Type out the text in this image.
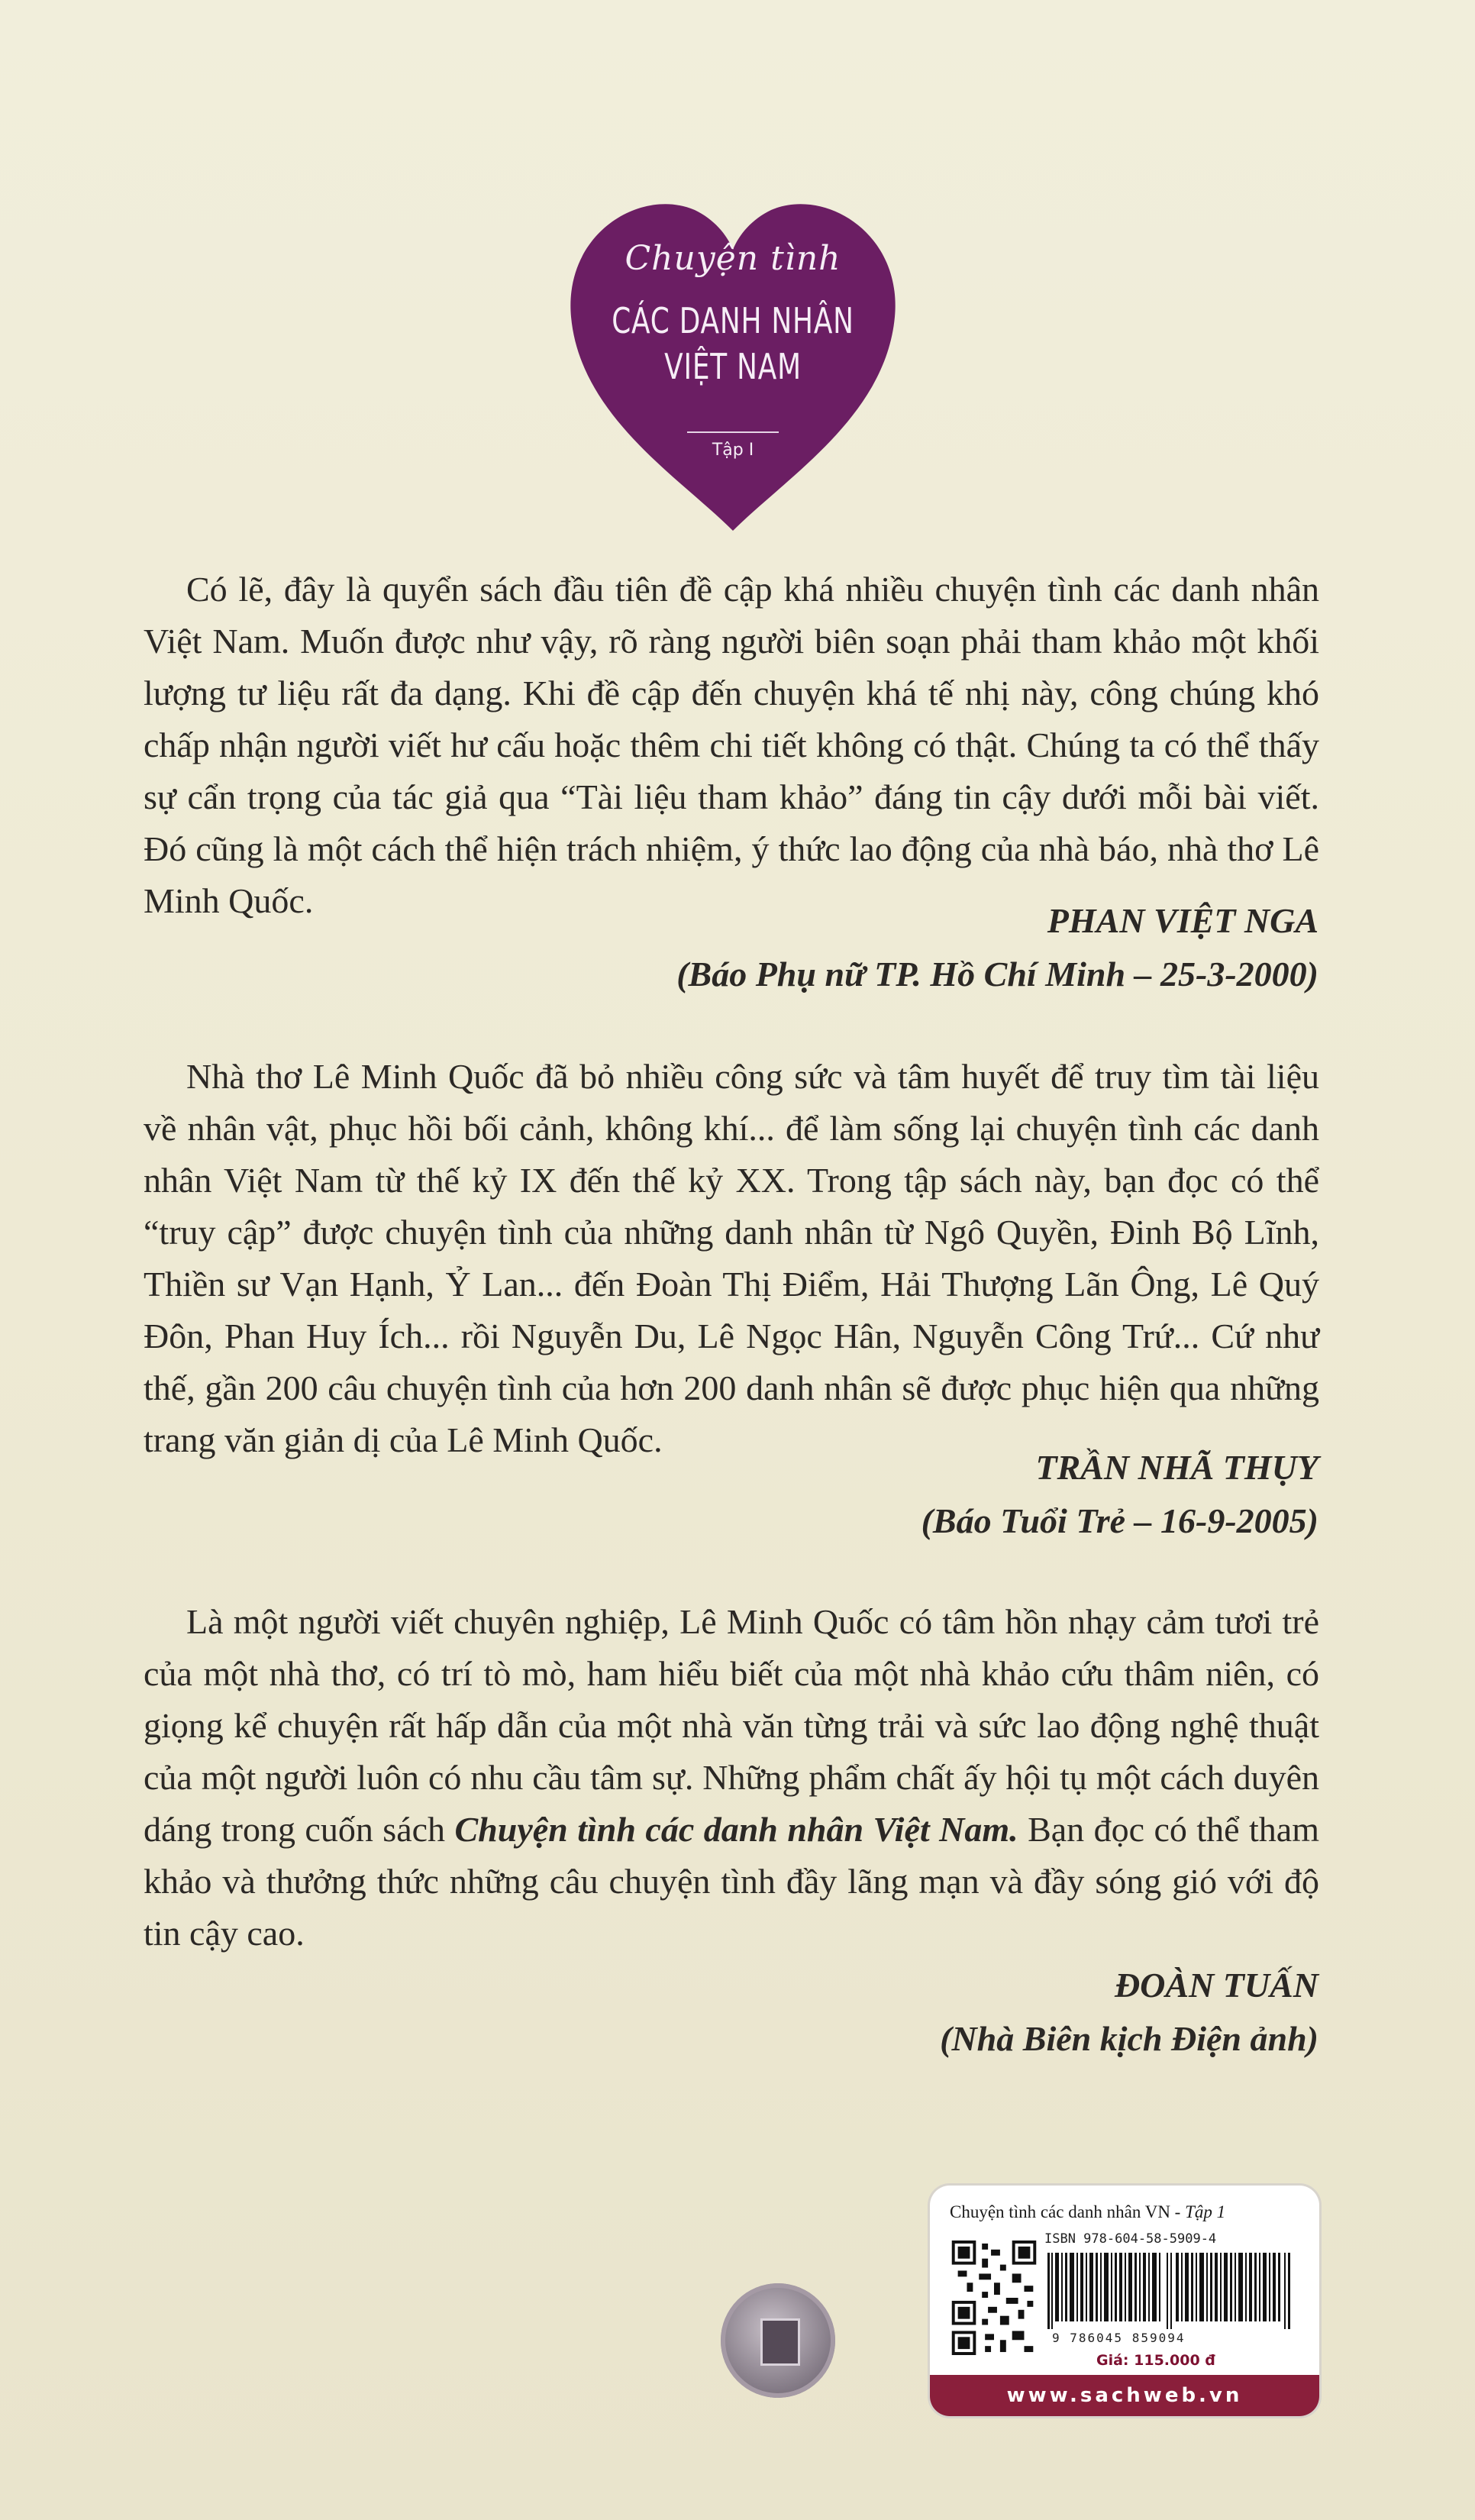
Chuyện tình
CÁC DANH NHÂN
VIỆT NAM
Tập I

Có lẽ, đây là quyển sách đầu tiên đề cập khá nhiều chuyện tình các danh nhân Việt Nam. Muốn được như vậy, rõ ràng người biên soạn phải tham khảo một khối lượng tư liệu rất đa dạng. Khi đề cập đến chuyện khá tế nhị này, công chúng khó chấp nhận người viết hư cấu hoặc thêm chi tiết không có thật. Chúng ta có thể thấy sự cẩn trọng của tác giả qua “Tài liệu tham khảo” đáng tin cậy dưới mỗi bài viết. Đó cũng là một cách thể hiện trách nhiệm, ý thức lao động của nhà báo, nhà thơ Lê Minh Quốc.

PHAN VIỆT NGA
(Báo Phụ nữ TP. Hồ Chí Minh – 25-3-2000)

Nhà thơ Lê Minh Quốc đã bỏ nhiều công sức và tâm huyết để truy tìm tài liệu về nhân vật, phục hồi bối cảnh, không khí... để làm sống lại chuyện tình các danh nhân Việt Nam từ thế kỷ IX đến thế kỷ XX. Trong tập sách này, bạn đọc có thể “truy cập” được chuyện tình của những danh nhân từ Ngô Quyền, Đinh Bộ Lĩnh, Thiền sư Vạn Hạnh, Ỷ Lan... đến Đoàn Thị Điểm, Hải Thượng Lãn Ông, Lê Quý Đôn, Phan Huy Ích... rồi Nguyễn Du, Lê Ngọc Hân, Nguyễn Công Trứ... Cứ như thế, gần 200 câu chuyện tình của hơn 200 danh nhân sẽ được phục hiện qua những trang văn giản dị của Lê Minh Quốc.

TRẦN NHÃ THỤY
(Báo Tuổi Trẻ – 16-9-2005)

Là một người viết chuyên nghiệp, Lê Minh Quốc có tâm hồn nhạy cảm tươi trẻ của một nhà thơ, có trí tò mò, ham hiểu biết của một nhà khảo cứu thâm niên, có giọng kể chuyện rất hấp dẫn của một nhà văn từng trải và sức lao động nghệ thuật của một người luôn có nhu cầu tâm sự. Những phẩm chất ấy hội tụ một cách duyên dáng trong cuốn sách Chuyện tình các danh nhân Việt Nam. Bạn đọc có thể tham khảo và thưởng thức những câu chuyện tình đầy lãng mạn và đầy sóng gió với độ tin cậy cao.

ĐOÀN TUẤN
(Nhà Biên kịch Điện ảnh)
Chuyện tình các danh nhân VN - Tập 1
ISBN 978-604-58-5909-4
9 786045 859094
Giá: 115.000 đ
www.sachweb.vn
